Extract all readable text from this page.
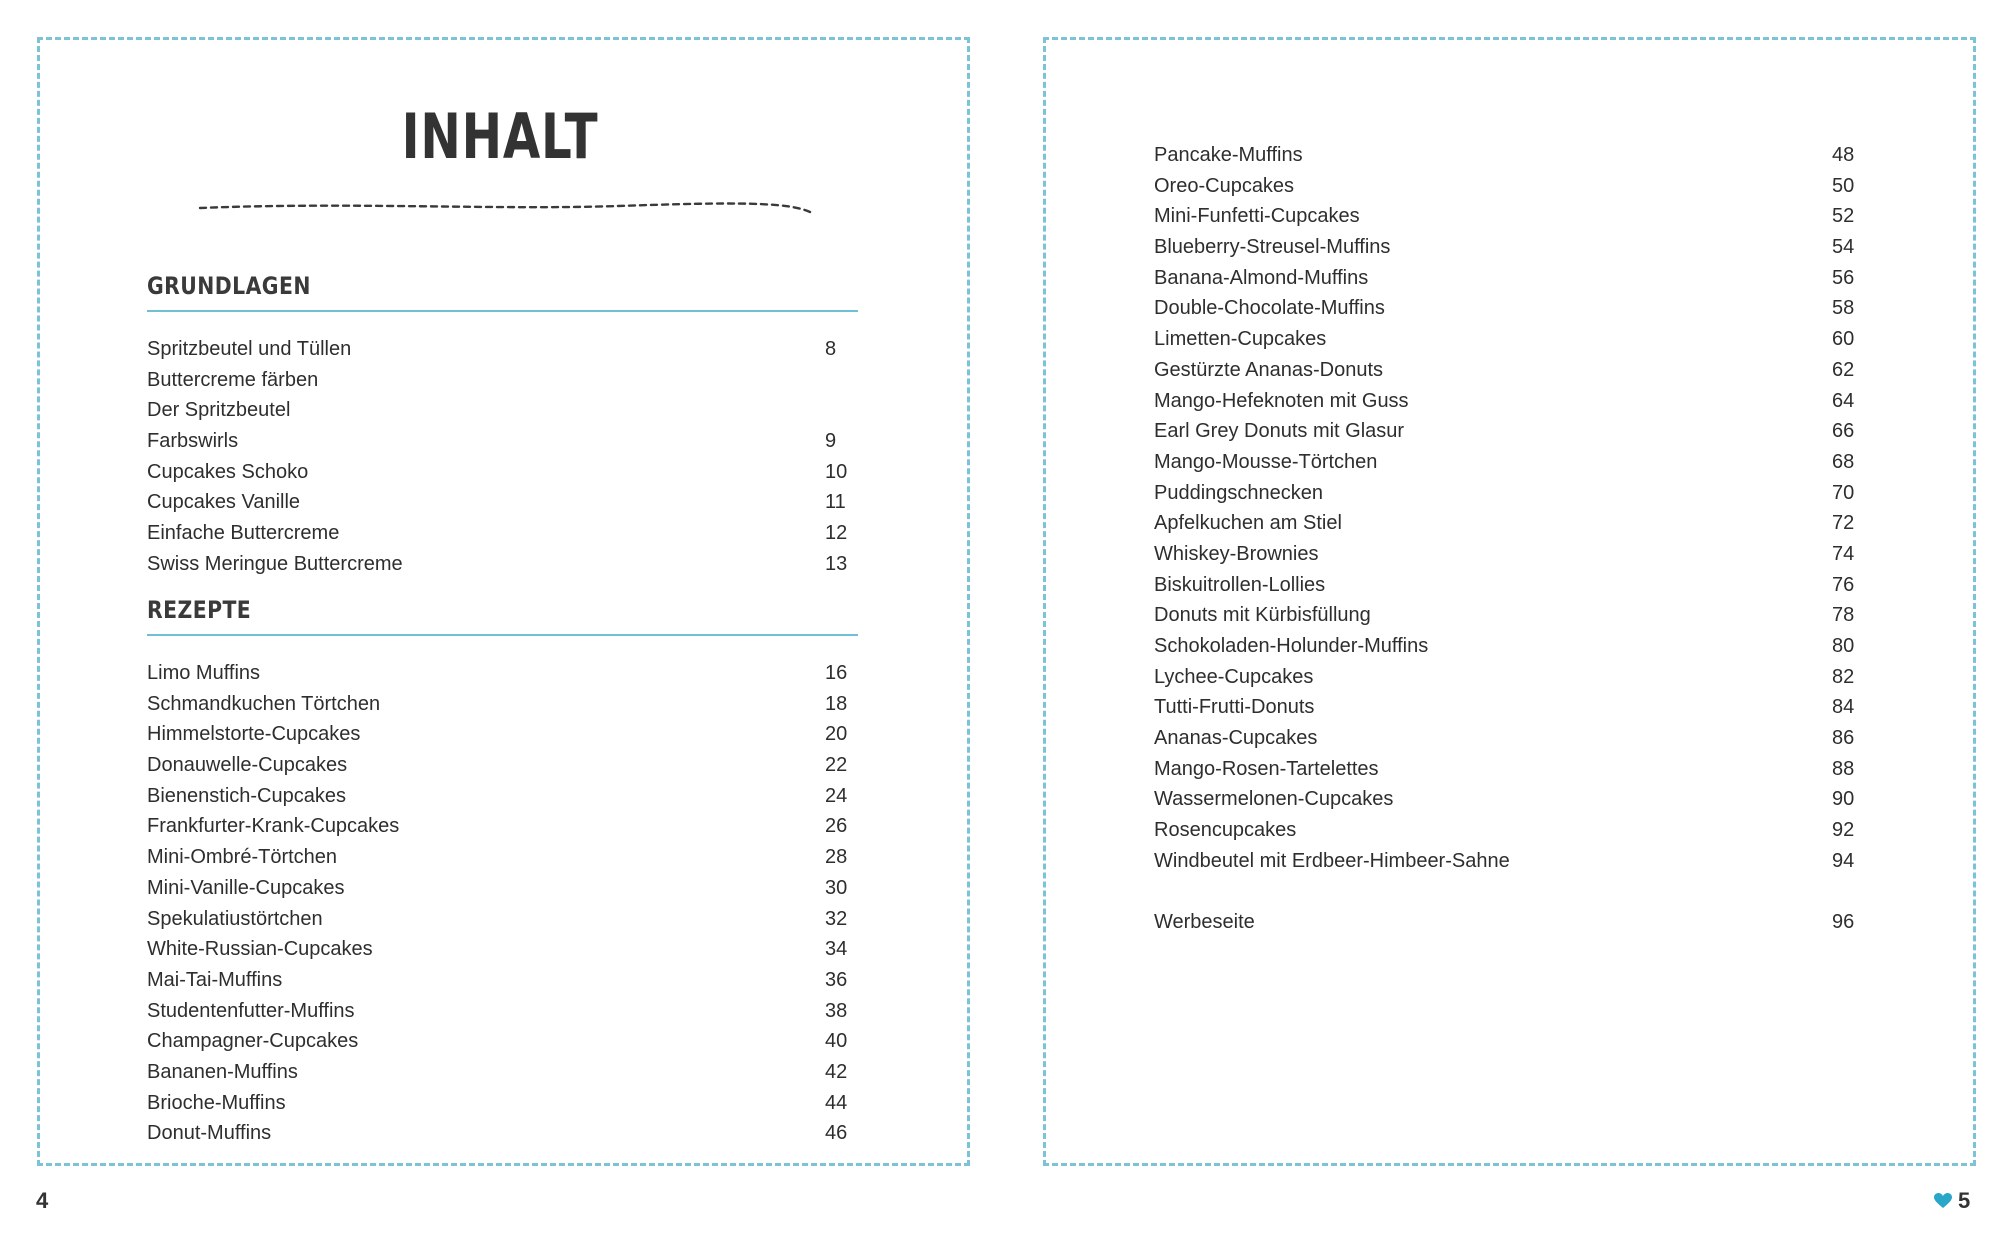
INHALT
GRUNDLAGEN
Spritzbeutel und Tüllen	8
Buttercreme färben
Der Spritzbeutel
Farbswirls	9
Cupcakes Schoko	10
Cupcakes Vanille	11
Einfache Buttercreme	12
Swiss Meringue Buttercreme	13
REZEPTE
Limo Muffins	16
Schmandkuchen Törtchen	18
Himmelstorte-Cupcakes	20
Donauwelle-Cupcakes	22
Bienenstich-Cupcakes	24
Frankfurter-Krank-Cupcakes	26
Mini-Ombré-Törtchen	28
Mini-Vanille-Cupcakes	30
Spekulatiustörtchen	32
White-Russian-Cupcakes	34
Mai-Tai-Muffins	36
Studentenfutter-Muffins	38
Champagner-Cupcakes	40
Bananen-Muffins	42
Brioche-Muffins	44
Donut-Muffins	46
Pancake-Muffins	48
Oreo-Cupcakes	50
Mini-Funfetti-Cupcakes	52
Blueberry-Streusel-Muffins	54
Banana-Almond-Muffins	56
Double-Chocolate-Muffins	58
Limetten-Cupcakes	60
Gestürzte Ananas-Donuts	62
Mango-Hefeknoten mit Guss	64
Earl Grey Donuts mit Glasur	66
Mango-Mousse-Törtchen	68
Puddingschnecken	70
Apfelkuchen am Stiel	72
Whiskey-Brownies	74
Biskuitrollen-Lollies	76
Donuts mit Kürbisfüllung	78
Schokoladen-Holunder-Muffins	80
Lychee-Cupcakes	82
Tutti-Frutti-Donuts	84
Ananas-Cupcakes	86
Mango-Rosen-Tartelettes	88
Wassermelonen-Cupcakes	90
Rosencupcakes	92
Windbeutel mit Erdbeer-Himbeer-Sahne	94
Werbeseite	96
4	5
